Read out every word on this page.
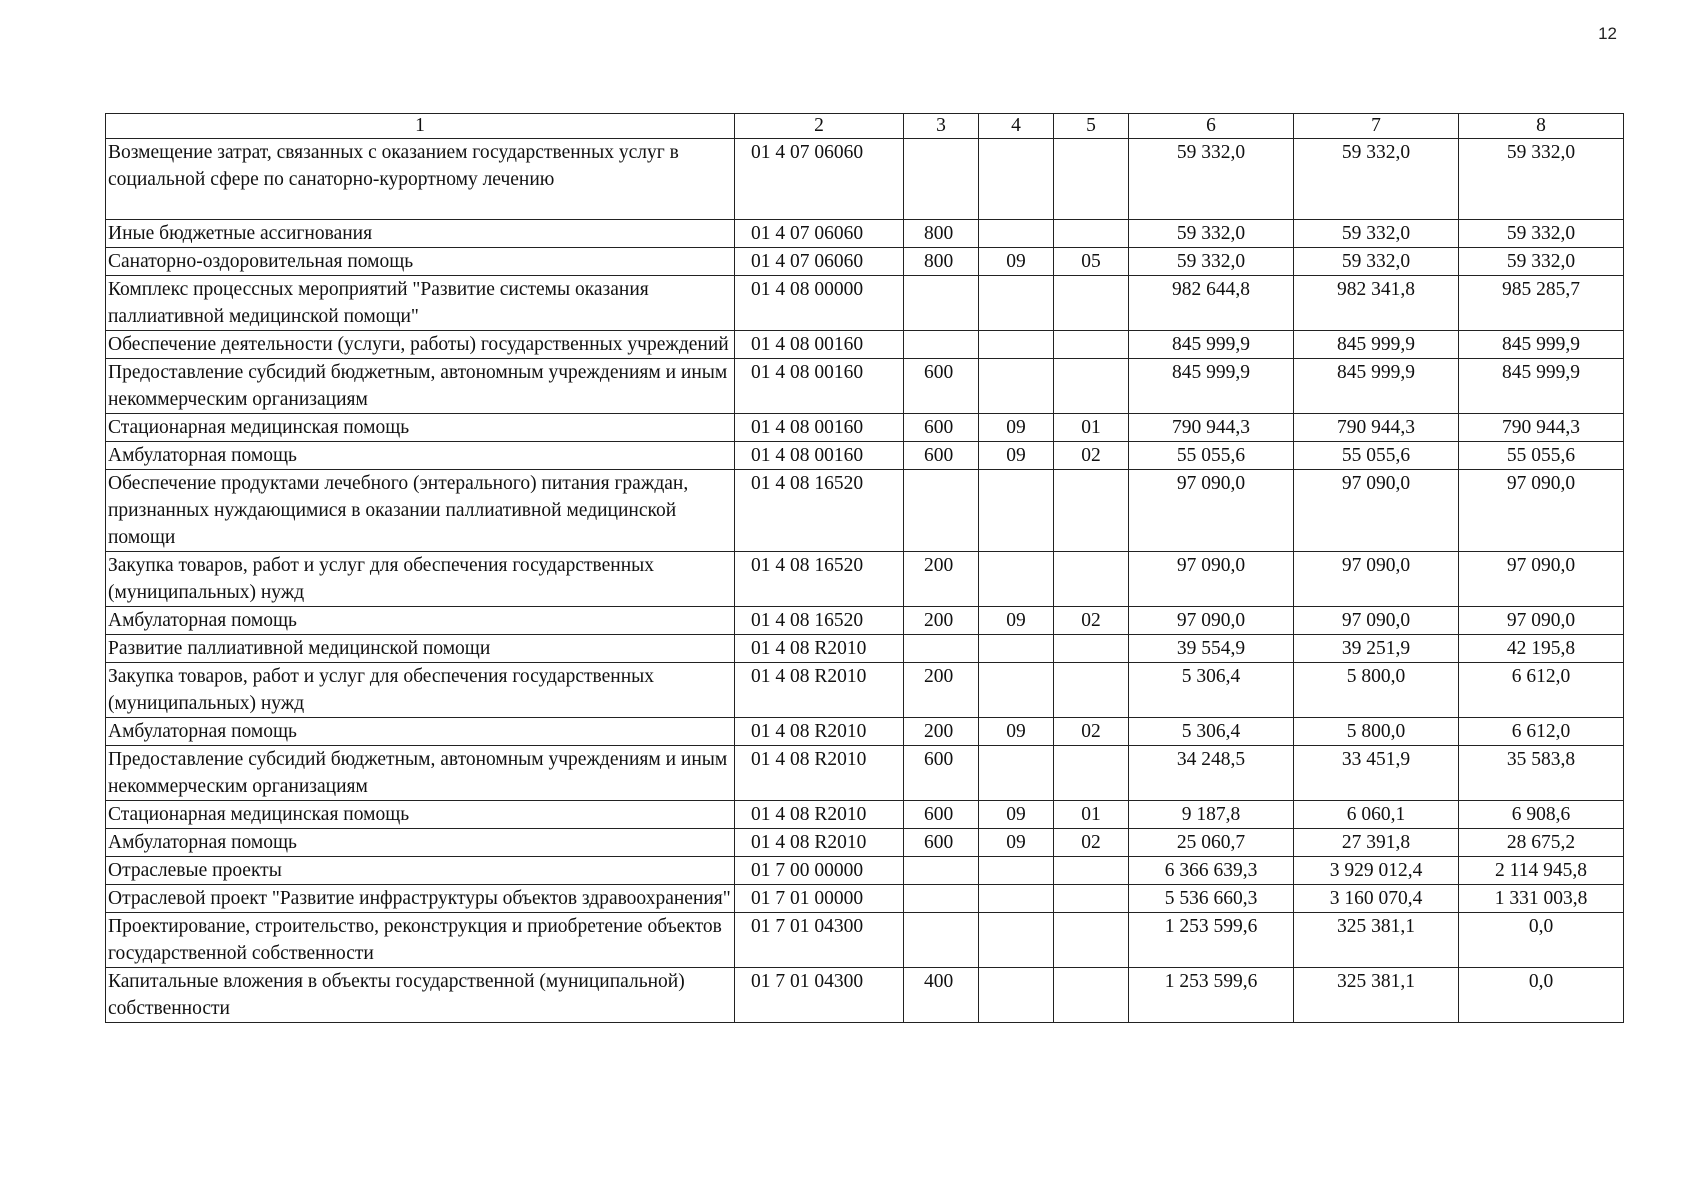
12
1	2	3	4	5	6	7	8
Возмещение затрат, связанных с оказанием государственных услуг в социальной сфере по санаторно-курортному лечению	01 4 07 06060				59 332,0	59 332,0	59 332,0
Иные бюджетные ассигнования	01 4 07 06060	800			59 332,0	59 332,0	59 332,0
Санаторно-оздоровительная помощь	01 4 07 06060	800	09	05	59 332,0	59 332,0	59 332,0
Комплекс процессных мероприятий "Развитие системы оказания паллиативной медицинской помощи"	01 4 08 00000				982 644,8	982 341,8	985 285,7
Обеспечение деятельности (услуги, работы) государственных учреждений	01 4 08 00160				845 999,9	845 999,9	845 999,9
Предоставление субсидий бюджетным, автономным учреждениям и иным некоммерческим организациям	01 4 08 00160	600			845 999,9	845 999,9	845 999,9
Стационарная медицинская помощь	01 4 08 00160	600	09	01	790 944,3	790 944,3	790 944,3
Амбулаторная помощь	01 4 08 00160	600	09	02	55 055,6	55 055,6	55 055,6
Обеспечение продуктами лечебного (энтерального) питания граждан, признанных нуждающимися в оказании паллиативной медицинской помощи	01 4 08 16520				97 090,0	97 090,0	97 090,0
Закупка товаров, работ и услуг для обеспечения государственных (муниципальных) нужд	01 4 08 16520	200			97 090,0	97 090,0	97 090,0
Амбулаторная помощь	01 4 08 16520	200	09	02	97 090,0	97 090,0	97 090,0
Развитие паллиативной медицинской помощи	01 4 08 R2010				39 554,9	39 251,9	42 195,8
Закупка товаров, работ и услуг для обеспечения государственных (муниципальных) нужд	01 4 08 R2010	200			5 306,4	5 800,0	6 612,0
Амбулаторная помощь	01 4 08 R2010	200	09	02	5 306,4	5 800,0	6 612,0
Предоставление субсидий бюджетным, автономным учреждениям и иным некоммерческим организациям	01 4 08 R2010	600			34 248,5	33 451,9	35 583,8
Стационарная медицинская помощь	01 4 08 R2010	600	09	01	9 187,8	6 060,1	6 908,6
Амбулаторная помощь	01 4 08 R2010	600	09	02	25 060,7	27 391,8	28 675,2
Отраслевые проекты	01 7 00 00000				6 366 639,3	3 929 012,4	2 114 945,8
Отраслевой проект "Развитие инфраструктуры объектов здравоохранения"	01 7 01 00000				5 536 660,3	3 160 070,4	1 331 003,8
Проектирование, строительство, реконструкция и приобретение объектов государственной собственности	01 7 01 04300				1 253 599,6	325 381,1	0,0
Капитальные вложения в объекты государственной (муниципальной) собственности	01 7 01 04300	400			1 253 599,6	325 381,1	0,0
